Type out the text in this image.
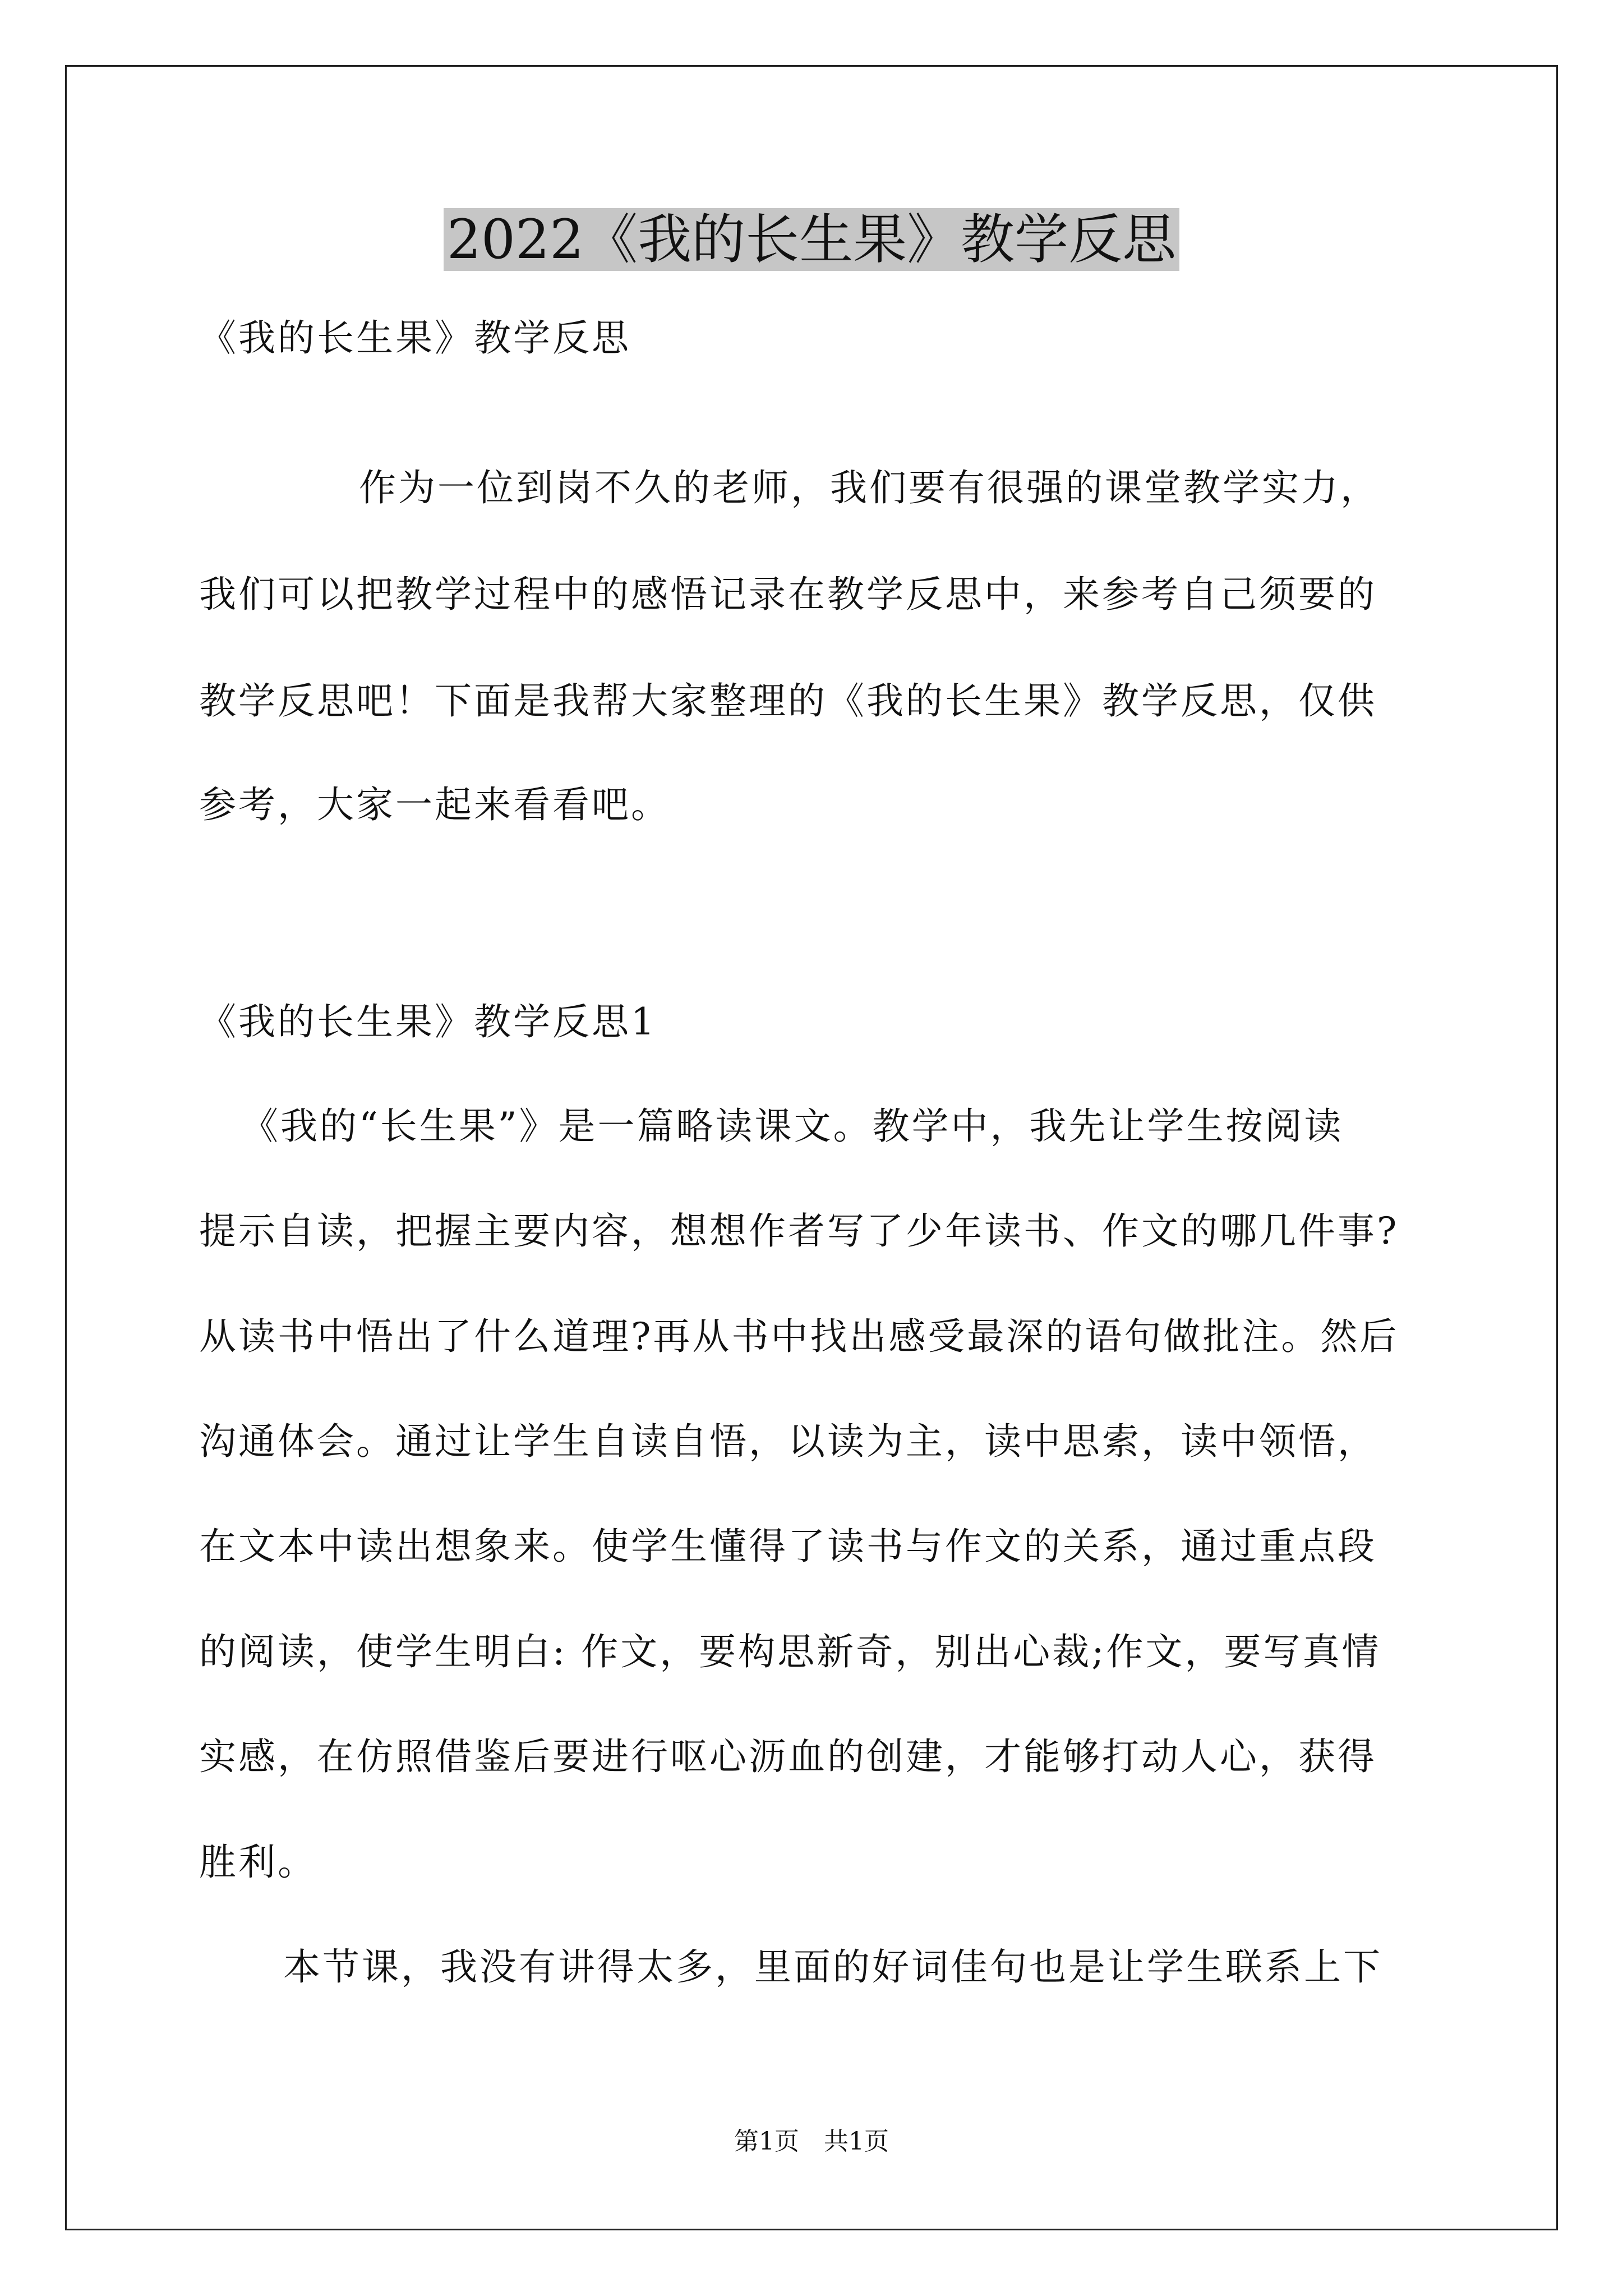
2022《我的长生果》教学反思
《我的长生果》教学反思
作为一位到岗不久的老师，我们要有很强的课堂教学实力，
我们可以把教学过程中的感悟记录在教学反思中，来参考自己须要的
教学反思吧！下面是我帮大家整理的《我的长生果》教学反思，仅供
参考，大家一起来看看吧。
《我的长生果》教学反思1
《我的“长生果”》是一篇略读课文。教学中，我先让学生按阅读
提示自读，把握主要内容，想想作者写了少年读书、作文的哪几件事?
从读书中悟出了什么道理?再从书中找出感受最深的语句做批注。然后
沟通体会。通过让学生自读自悟，以读为主，读中思索，读中领悟，
在文本中读出想象来。使学生懂得了读书与作文的关系，通过重点段
的阅读，使学生明白: 作文，要构思新奇，别出心裁;作文，要写真情
实感，在仿照借鉴后要进行呕心沥血的创建，才能够打动人心，获得
胜利。
本节课，我没有讲得太多，里面的好词佳句也是让学生联系上下
第1页　共1页
